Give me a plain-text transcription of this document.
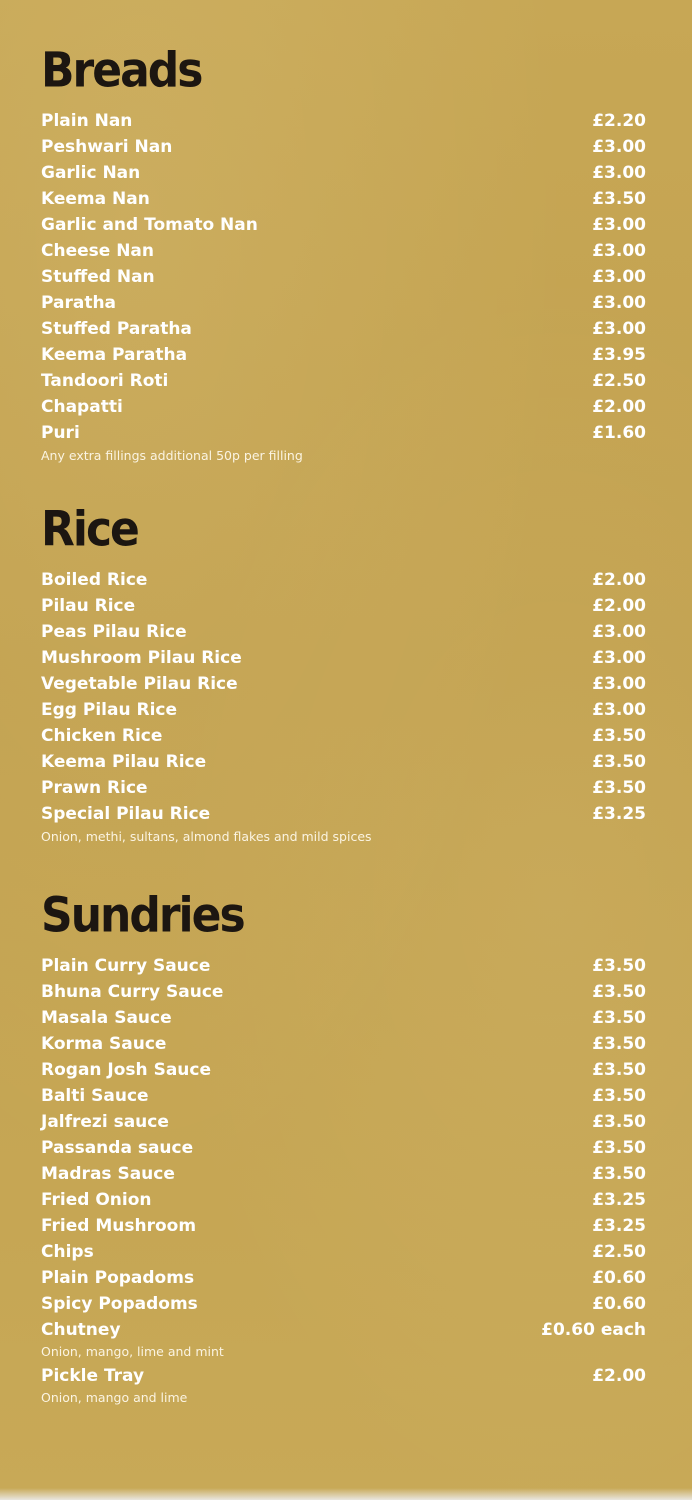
Breads
Plain Nan	£2.20
Peshwari Nan	£3.00
Garlic Nan	£3.00
Keema Nan	£3.50
Garlic and Tomato Nan	£3.00
Cheese Nan	£3.00
Stuffed Nan	£3.00
Paratha	£3.00
Stuffed Paratha	£3.00
Keema Paratha	£3.95
Tandoori Roti	£2.50
Chapatti	£2.00
Puri	£1.60
Any extra fillings additional 50p per filling
Rice
Boiled Rice	£2.00
Pilau Rice	£2.00
Peas Pilau Rice	£3.00
Mushroom Pilau Rice	£3.00
Vegetable Pilau Rice	£3.00
Egg Pilau Rice	£3.00
Chicken Rice	£3.50
Keema Pilau Rice	£3.50
Prawn Rice	£3.50
Special Pilau Rice	£3.25
Onion, methi, sultans, almond flakes and mild spices
Sundries
Plain Curry Sauce	£3.50
Bhuna Curry Sauce	£3.50
Masala Sauce	£3.50
Korma Sauce	£3.50
Rogan Josh Sauce	£3.50
Balti Sauce	£3.50
Jalfrezi sauce	£3.50
Passanda sauce	£3.50
Madras Sauce	£3.50
Fried Onion	£3.25
Fried Mushroom	£3.25
Chips	£2.50
Plain Popadoms	£0.60
Spicy Popadoms	£0.60
Chutney	£0.60 each
Onion, mango, lime and mint
Pickle Tray	£2.00
Onion, mango and lime
